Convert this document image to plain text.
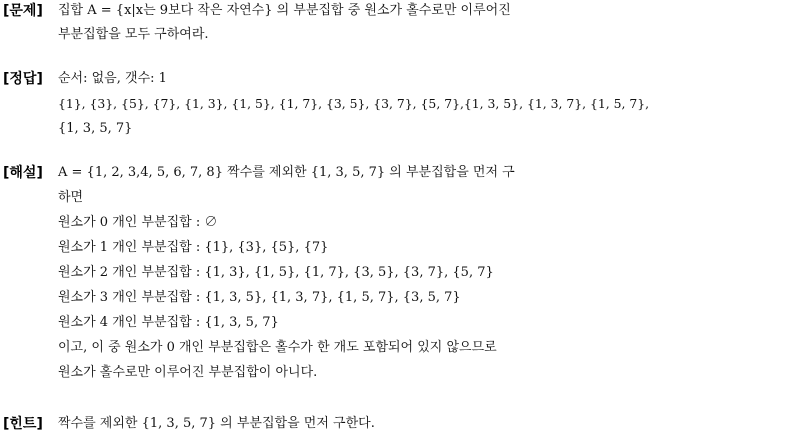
[문제] 집합 A = {x|x는 9보다 작은 자연수} 의 부분집합 중 원소가 홀수로만 이루어진
부분집합을 모두 구하여라.
[정답] 순서: 없음, 갯수: 1
{1}, {3}, {5}, {7}, {1, 3}, {1, 5}, {1, 7}, {3, 5}, {3, 7}, {5, 7},{1, 3, 5}, {1, 3, 7}, {1, 5, 7},
{1, 3, 5, 7}
[해설] A = {1, 2, 3,4, 5, 6, 7, 8} 짝수를 제외한 {1, 3, 5, 7} 의 부분집합을 먼저 구
하면
원소가 0 개인 부분집합 : ∅
원소가 1 개인 부분집합 : {1}, {3}, {5}, {7}
원소가 2 개인 부분집합 : {1, 3}, {1, 5}, {1, 7}, {3, 5}, {3, 7}, {5, 7}
원소가 3 개인 부분집합 : {1, 3, 5}, {1, 3, 7}, {1, 5, 7}, {3, 5, 7}
원소가 4 개인 부분집합 : {1, 3, 5, 7}
이고, 이 중 원소가 0 개인 부분집합은 홀수가 한 개도 포함되어 있지 않으므로
원소가 홀수로만 이루어진 부분집합이 아니다.
[힌트] 짝수를 제외한 {1, 3, 5, 7} 의 부분집합을 먼저 구한다.
